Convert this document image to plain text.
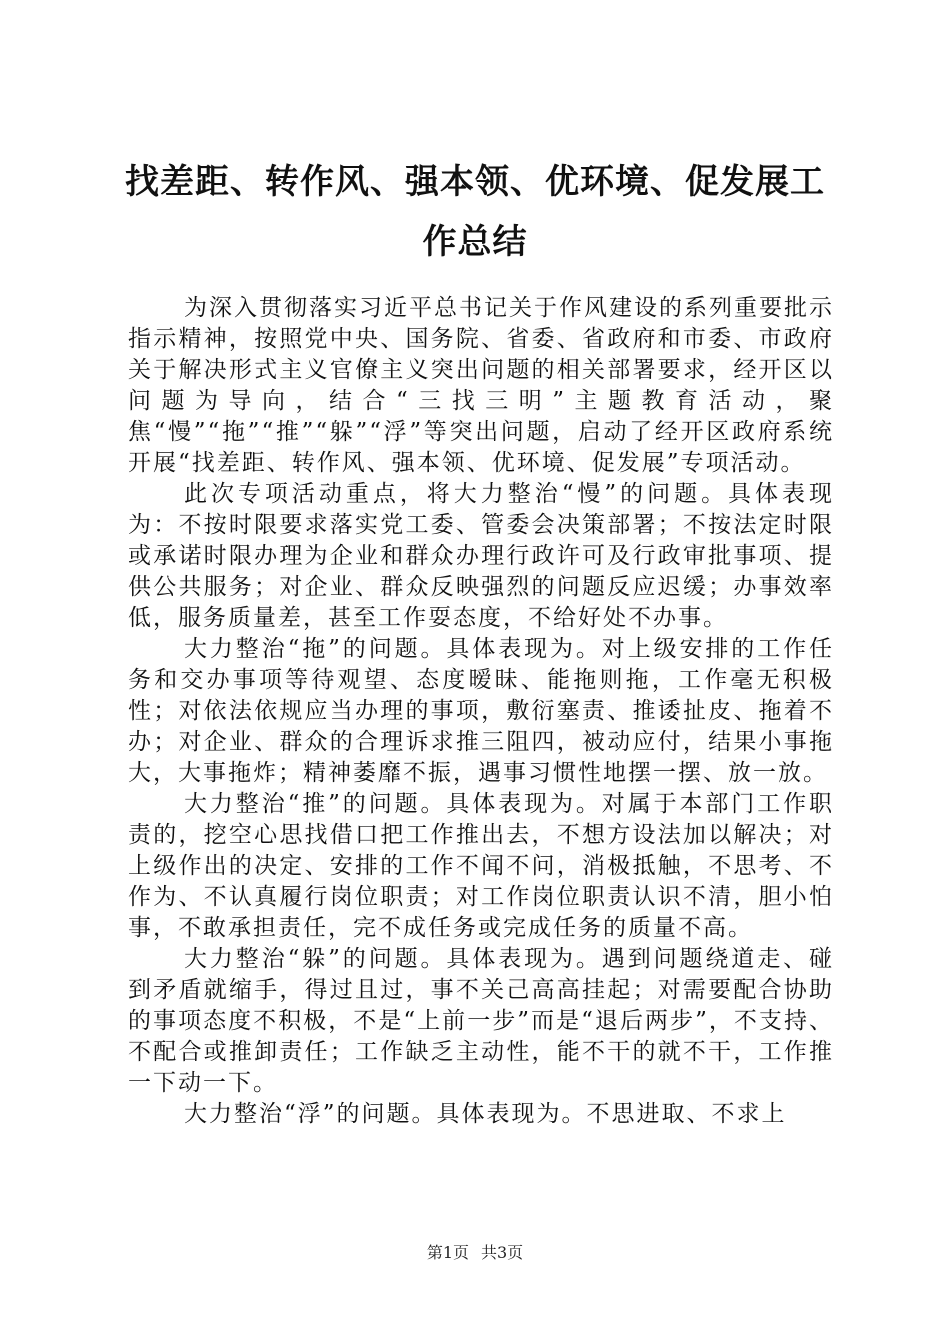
找差距、转作风、强本领、优环境、促发展工
作总结

为深入贯彻落实习近平总书记关于作风建设的系列重要批示指示精神，按照党中央、国务院、省委、省政府和市委、市政府关于解决形式主义官僚主义突出问题的相关部署要求，经开区以问题为导向，结合“三找三明”主题教育活动，聚焦“慢”“拖”“推”“躲”“浮”等突出问题，启动了经开区政府系统开展“找差距、转作风、强本领、优环境、促发展”专项活动。

此次专项活动重点，将大力整治“慢”的问题。具体表现为：不按时限要求落实党工委、管委会决策部署；不按法定时限或承诺时限办理为企业和群众办理行政许可及行政审批事项、提供公共服务；对企业、群众反映强烈的问题反应迟缓；办事效率低，服务质量差，甚至工作耍态度，不给好处不办事。

大力整治“拖”的问题。具体表现为。对上级安排的工作任务和交办事项等待观望、态度暧昧、能拖则拖，工作毫无积极性；对依法依规应当办理的事项，敷衍塞责、推诿扯皮、拖着不办；对企业、群众的合理诉求推三阻四，被动应付，结果小事拖大，大事拖炸；精神萎靡不振，遇事习惯性地摆一摆、放一放。

大力整治“推”的问题。具体表现为。对属于本部门工作职责的，挖空心思找借口把工作推出去，不想方设法加以解决；对上级作出的决定、安排的工作不闻不问，消极抵触，不思考、不作为、不认真履行岗位职责；对工作岗位职责认识不清，胆小怕事，不敢承担责任，完不成任务或完成任务的质量不高。

大力整治“躲”的问题。具体表现为。遇到问题绕道走、碰到矛盾就缩手，得过且过，事不关己高高挂起；对需要配合协助的事项态度不积极，不是“上前一步”而是“退后两步”，不支持、不配合或推卸责任；工作缺乏主动性，能不干的就不干，工作推一下动一下。

大力整治“浮”的问题。具体表现为。不思进取、不求上

第1页 共3页
